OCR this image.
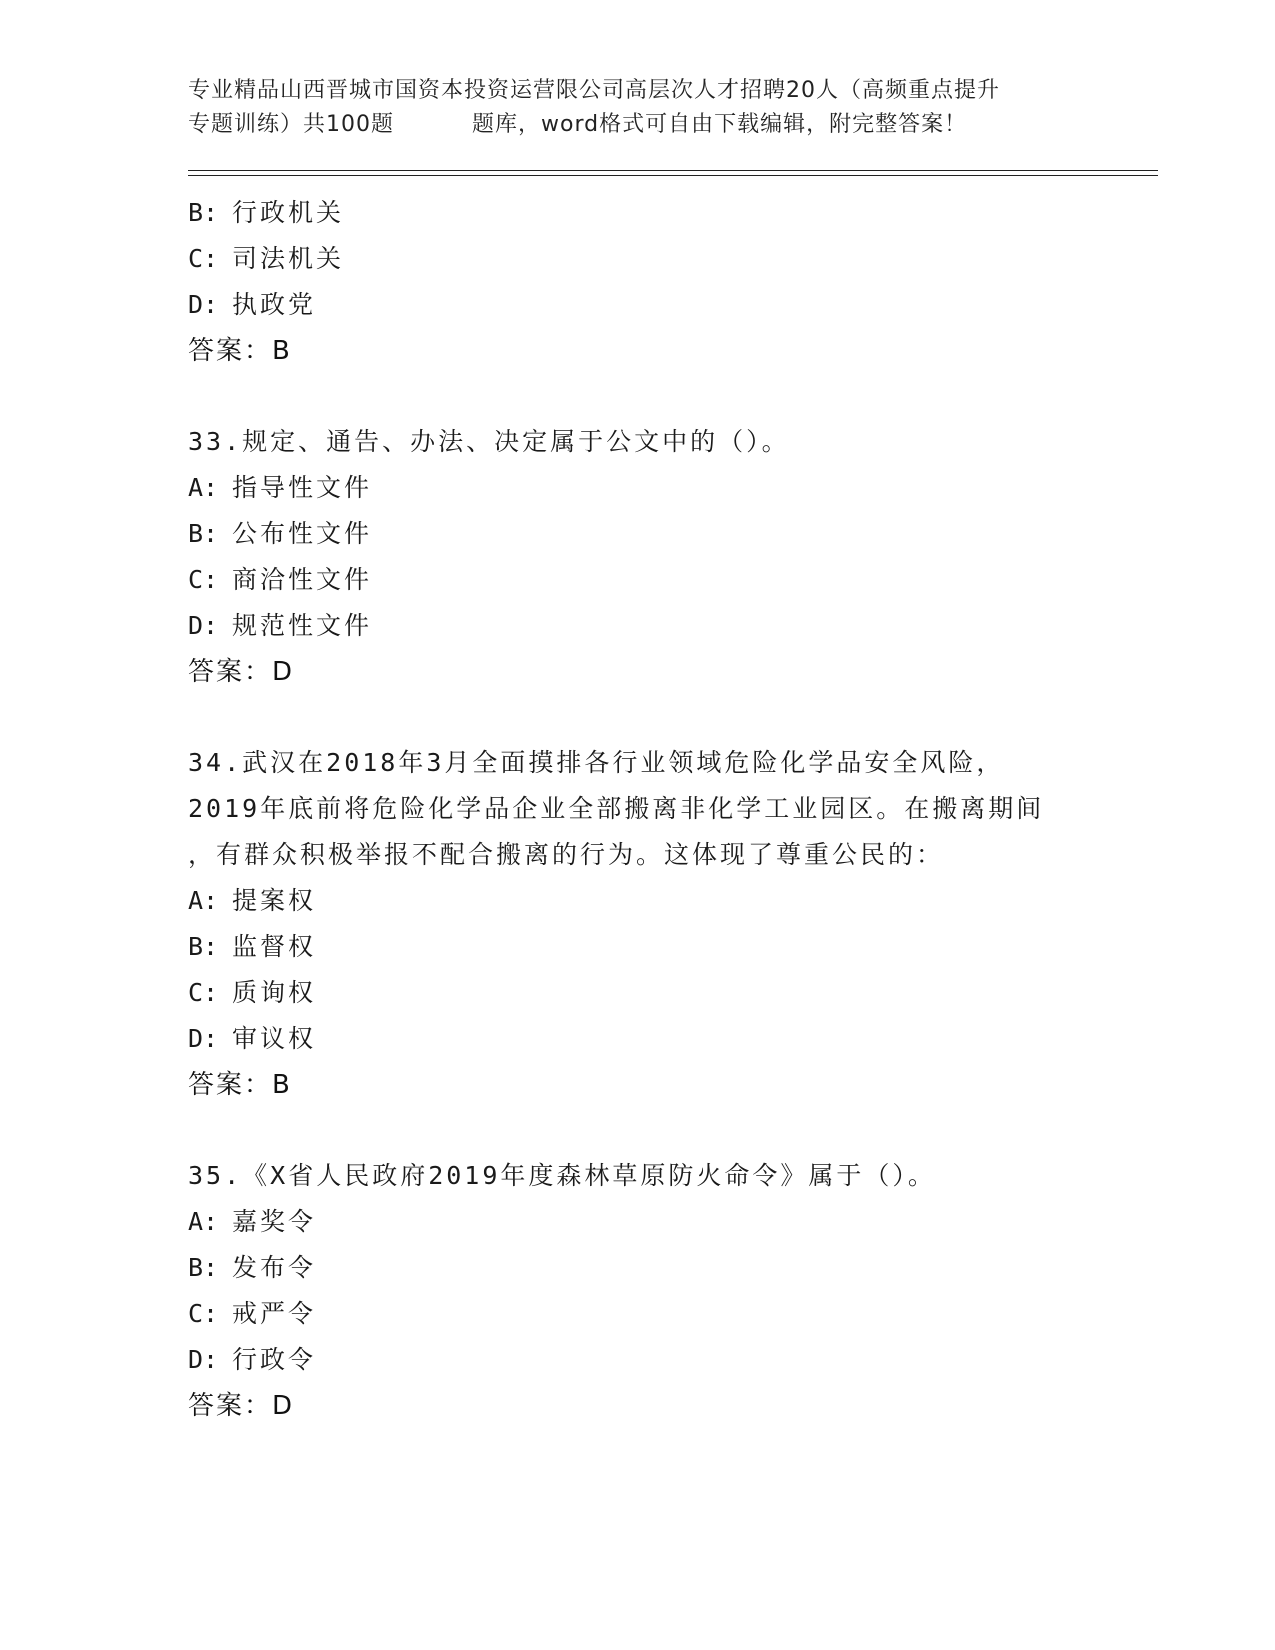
专业精品山西晋城市国资本投资运营限公司高层次人才招聘20人（高频重点提升
专题训练）共100题	题库，word格式可自由下载编辑，附完整答案！
B: 行政机关
C: 司法机关
D: 执政党
答案：B
33.规定、通告、办法、决定属于公文中的（）。
A: 指导性文件
B: 公布性文件
C: 商洽性文件
D: 规范性文件
答案：D
34.武汉在2018年3月全面摸排各行业领域危险化学品安全风险，
2019年底前将危险化学品企业全部搬离非化学工业园区。在搬离期间
，有群众积极举报不配合搬离的行为。这体现了尊重公民的：
A: 提案权
B: 监督权
C: 质询权
D: 审议权
答案：B
35.《X省人民政府2019年度森林草原防火命令》属于（）。
A: 嘉奖令
B: 发布令
C: 戒严令
D: 行政令
答案：D
